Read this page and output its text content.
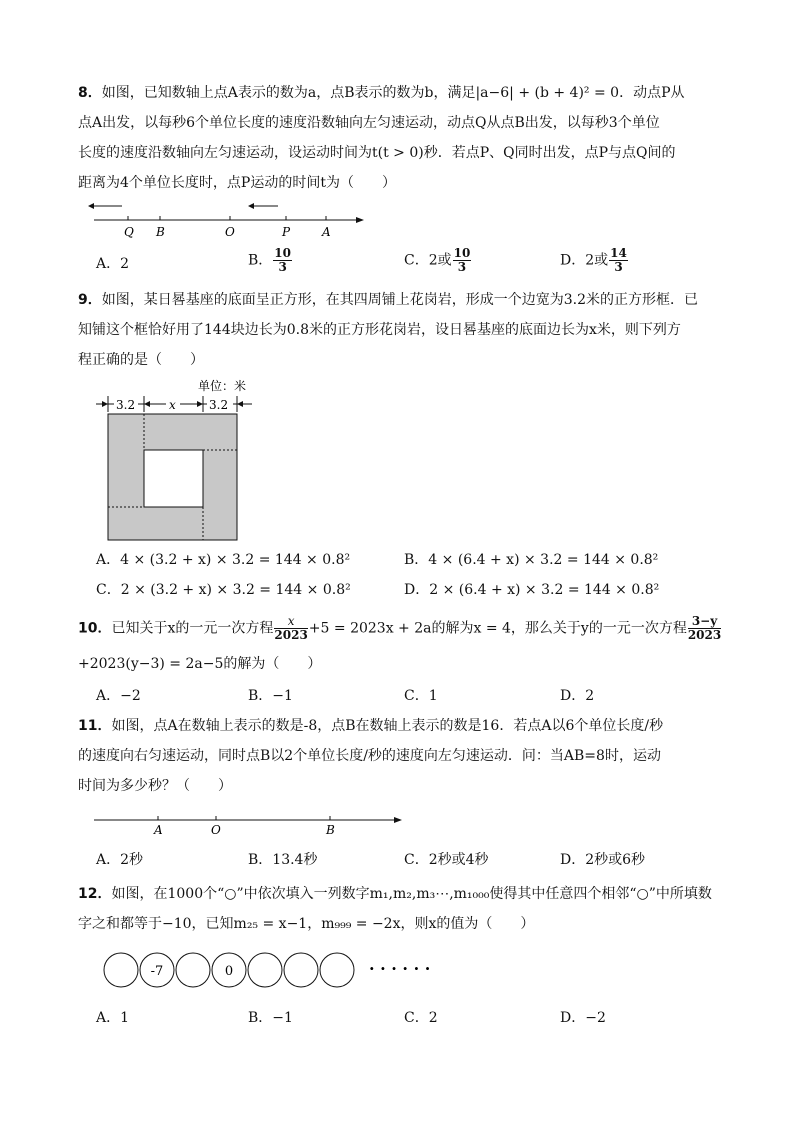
8．如图，已知数轴上点A表示的数为a，点B表示的数为b，满足|a−6| + (b + 4)² = 0．动点P从
点A出发，以每秒6个单位长度的速度沿数轴向左匀速运动，动点Q从点B出发，以每秒3个单位
长度的速度沿数轴向左匀速运动，设运动时间为t(t > 0)秒．若点P、Q同时出发，点P与点Q间的
距离为4个单位长度时，点P运动的时间t为（　　）
Q B	O	P	A
A．2	B． $\frac{10}{3}$	C．2或 $\frac{10}{3}$	D．2或 $\frac{14}{3}$
9．如图，某日晷基座的底面呈正方形，在其四周铺上花岗岩，形成一个边宽为3.2米的正方形框．已
知铺这个框恰好用了144块边长为0.8米的正方形花岗岩，设日晷基座的底面边长为x米，则下列方
程正确的是（　　）
单位：米
3.2	x	3.2
A．4 × (3.2 + x) × 3.2 = 144 × 0.8²	B．4 × (6.4 + x) × 3.2 = 144 × 0.8²
C．2 × (3.2 + x) × 3.2 = 144 × 0.8²	D．2 × (6.4 + x) × 3.2 = 144 × 0.8²
10．已知关于x的一元一次方程 $\frac{x}{2023} +5 = 2023x + 2a$的解为x = 4，那么关于y的一元一次方程 $\frac{3-y}{2023}$
+2023(y−3) = 2a−5的解为（　　）
A．−2	B．−1	C．1	D．2
11．如图，点A在数轴上表示的数是-8，点B在数轴上表示的数是16．若点A以6个单位长度/秒
的速度向右匀速运动，同时点B以2个单位长度/秒的速度向左匀速运动．问：当AB=8时，运动
时间为多少秒？（　　）
A	O	B
A．2秒	B．13.4秒	C．2秒或4秒	D．2秒或6秒
12．如图，在1000个“○”中依次填入一列数字m₁,m₂,m₃⋯,m₁₀₀₀使得其中任意四个相邻“○”中所填数
字之和都等于−10，已知m₂₅ = x−1，m₉₉₉ = −2x，则x的值为（　　）
-7	0	· · · · · ·
A．1	B．−1	C．2	D．−2
